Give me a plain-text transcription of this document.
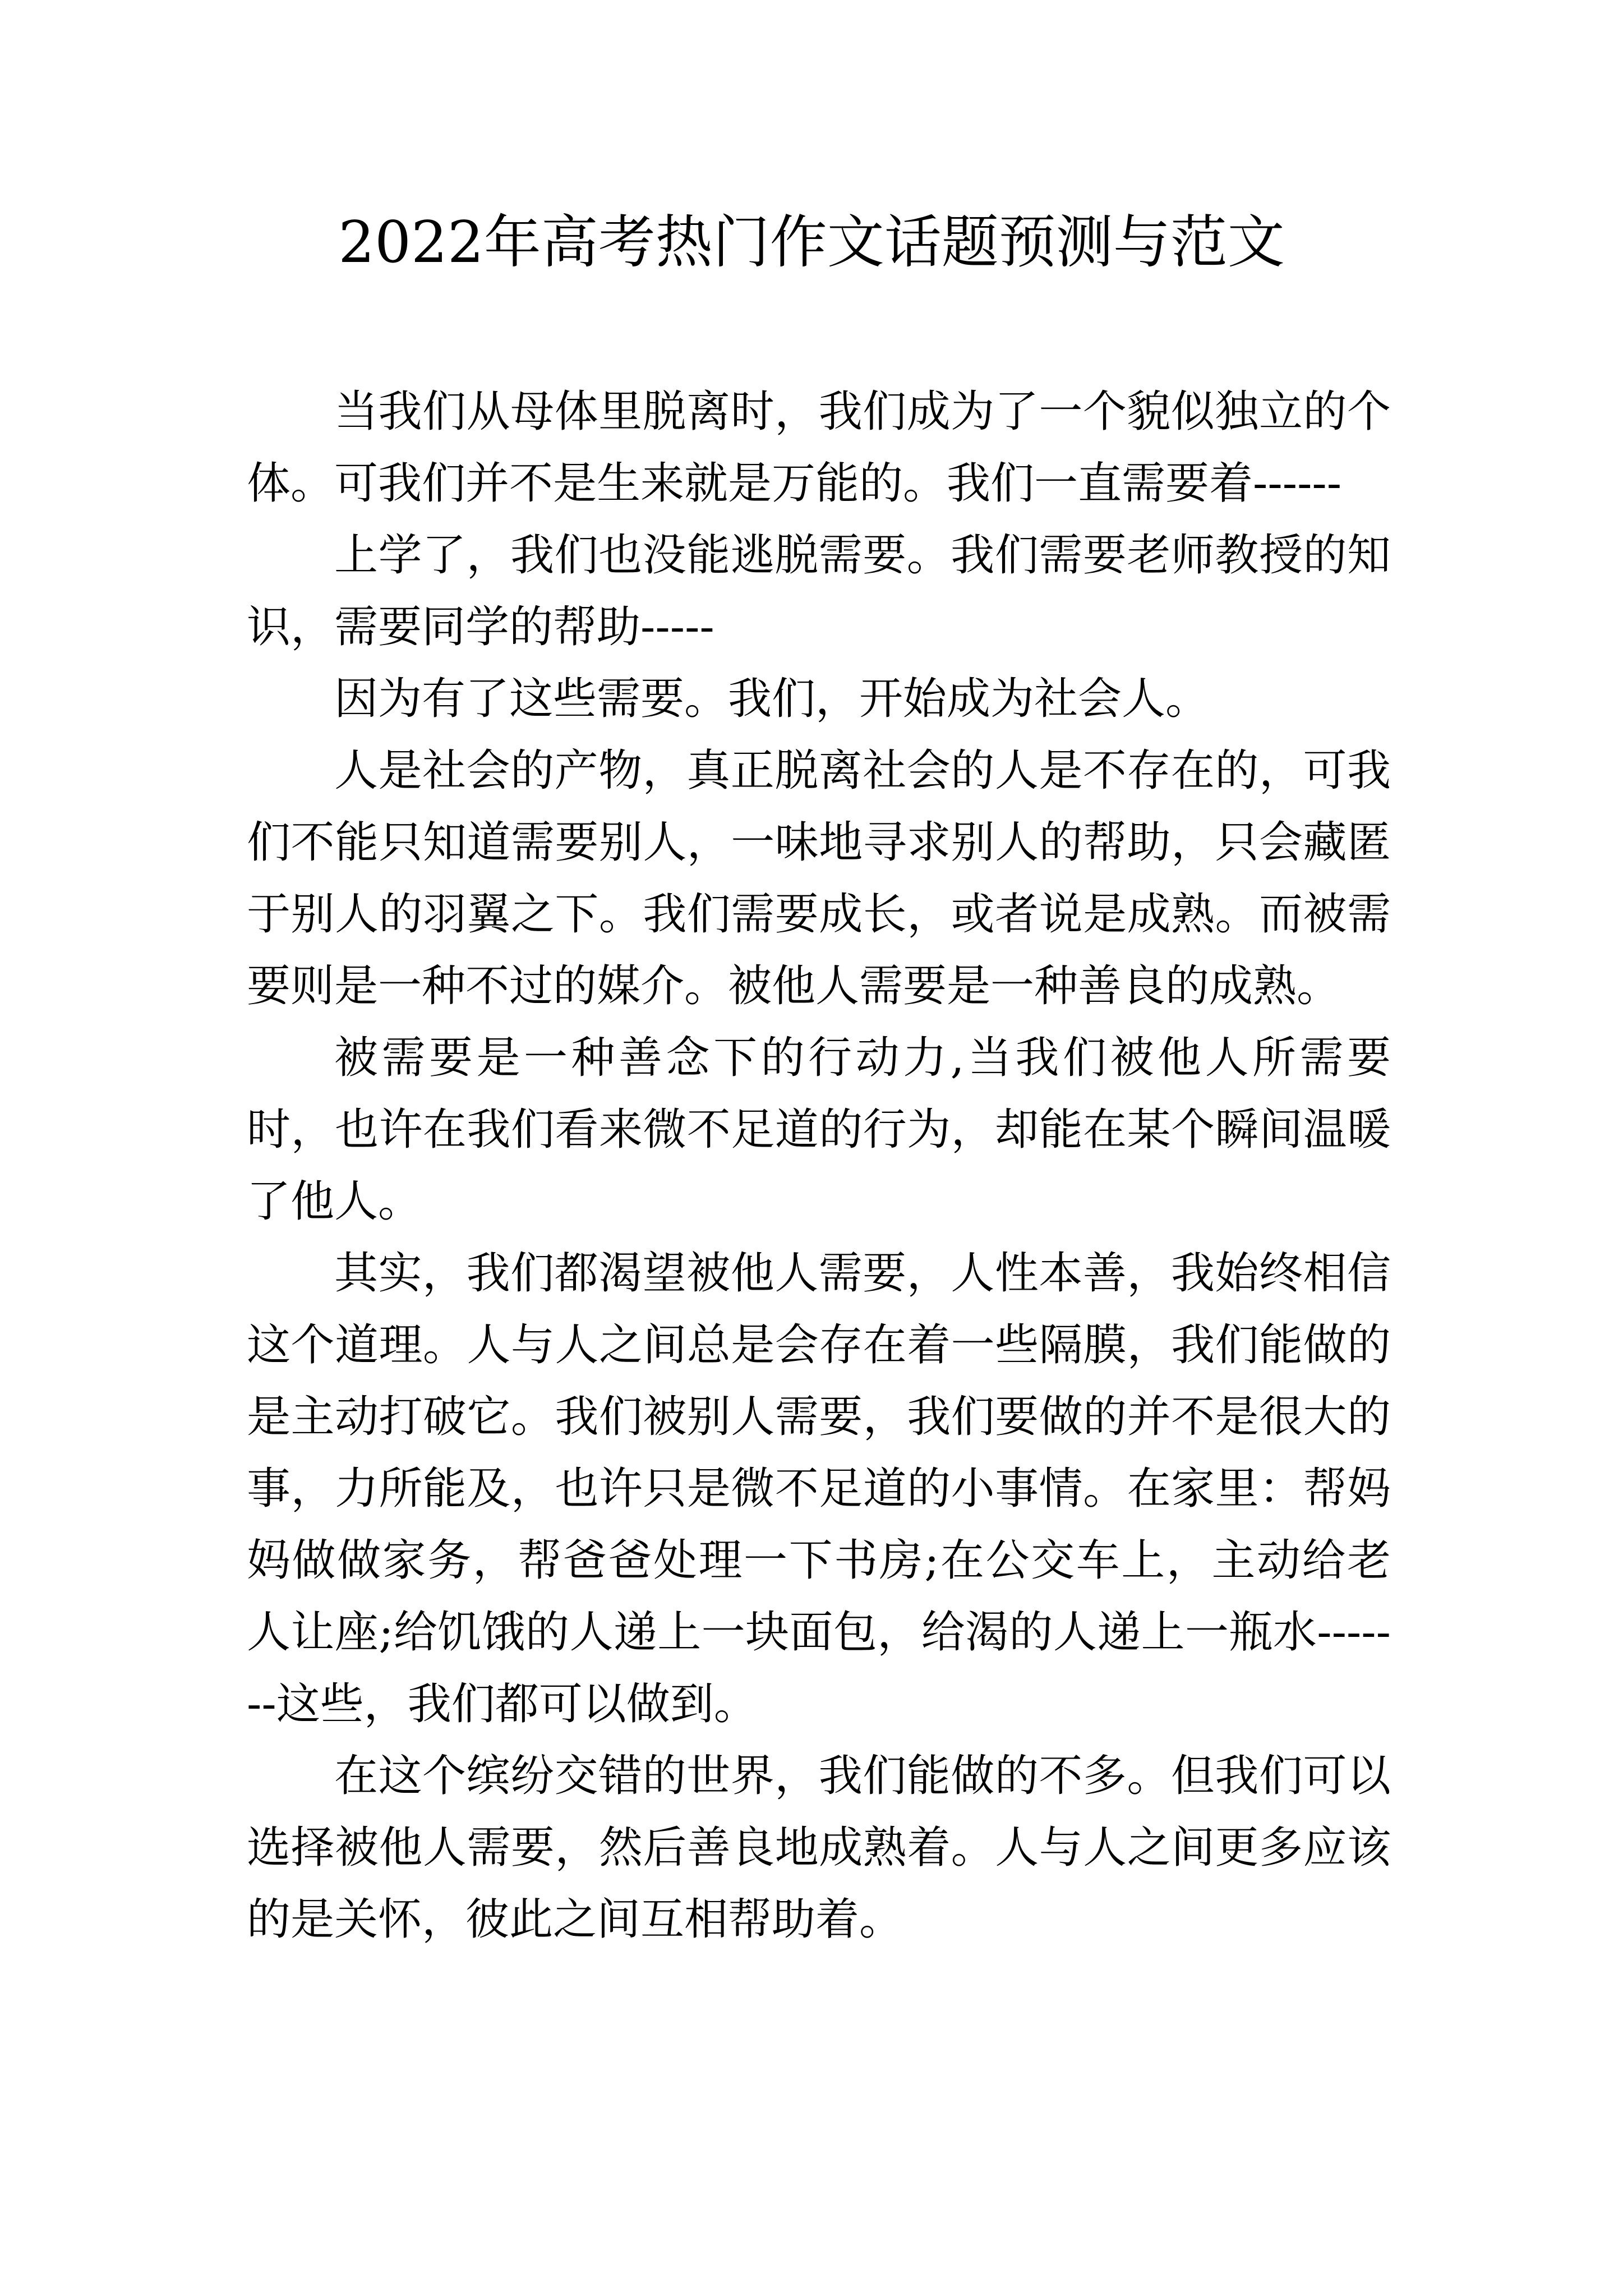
2022年高考热门作文话题预测与范文

当我们从母体里脱离时，我们成为了一个貌似独立的个体。可我们并不是生来就是万能的。我们一直需要着------

上学了，我们也没能逃脱需要。我们需要老师教授的知识，需要同学的帮助-----

因为有了这些需要。我们，开始成为社会人。

人是社会的产物，真正脱离社会的人是不存在的，可我们不能只知道需要别人，一味地寻求别人的帮助，只会藏匿于别人的羽翼之下。我们需要成长，或者说是成熟。而被需要则是一种不过的媒介。被他人需要是一种善良的成熟。

被需要是一种善念下的行动力,当我们被他人所需要时，也许在我们看来微不足道的行为，却能在某个瞬间温暖了他人。

其实，我们都渴望被他人需要，人性本善，我始终相信这个道理。人与人之间总是会存在着一些隔膜，我们能做的是主动打破它。我们被别人需要，我们要做的并不是很大的事，力所能及，也许只是微不足道的小事情。在家里：帮妈妈做做家务，帮爸爸处理一下书房;在公交车上，主动给老人让座;给饥饿的人递上一块面包，给渴的人递上一瓶水-------这些，我们都可以做到。

在这个缤纷交错的世界，我们能做的不多。但我们可以选择被他人需要，然后善良地成熟着。人与人之间更多应该的是关怀，彼此之间互相帮助着。
